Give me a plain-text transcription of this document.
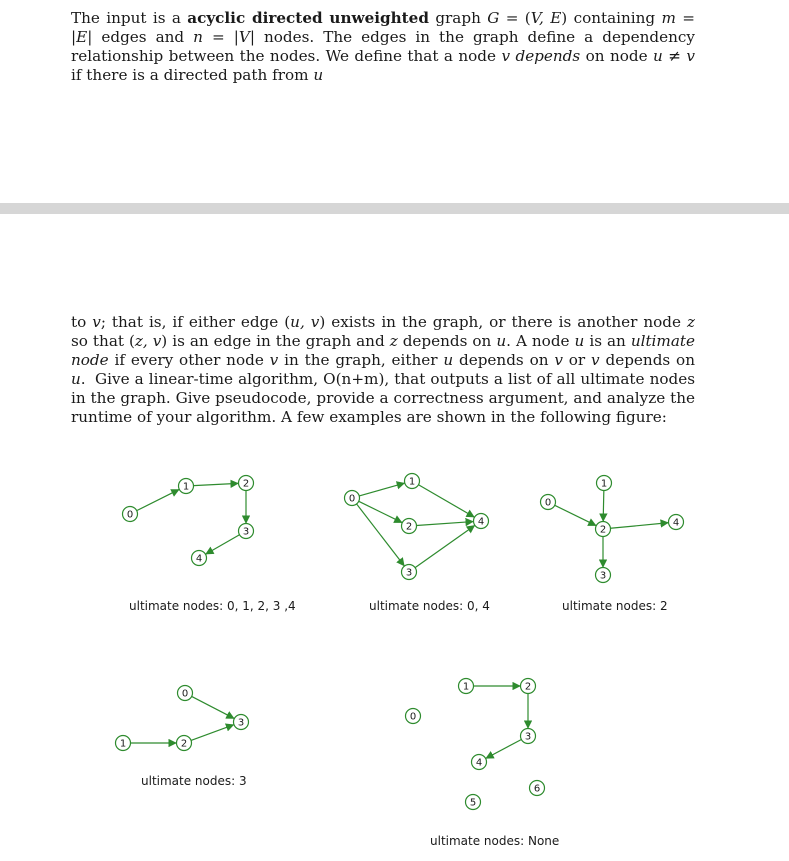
The input is a acyclic directed unweighted graph G = (V, E) containing m = |E| edges and n = |V| nodes. The edges in the graph define a dependency relationship between the nodes. We define that a node v depends on node u ≠ v if there is a directed path from u

to v; that is, if either edge (u, v) exists in the graph, or there is another node z so that (z, v) is an edge in the graph and z depends on u. A node u is an ultimate node if every other node v in the graph, either u depends on v or v depends on u. Give a linear-time algorithm, O(n+m), that outputs a list of all ultimate nodes in the graph. Give pseudocode, provide a correctness argument, and analyze the runtime of your algorithm. A few examples are shown in the following figure:

0
1	2
3
4
0
1
2
3
4
0
1
2
3
4
0
1	2
3
0
1	2
3
4
5
6
ultimate nodes: 0, 1, 2, 3 ,4	ultimate nodes: 0, 4	ultimate nodes: 2
ultimate nodes: 3
ultimate nodes: None
